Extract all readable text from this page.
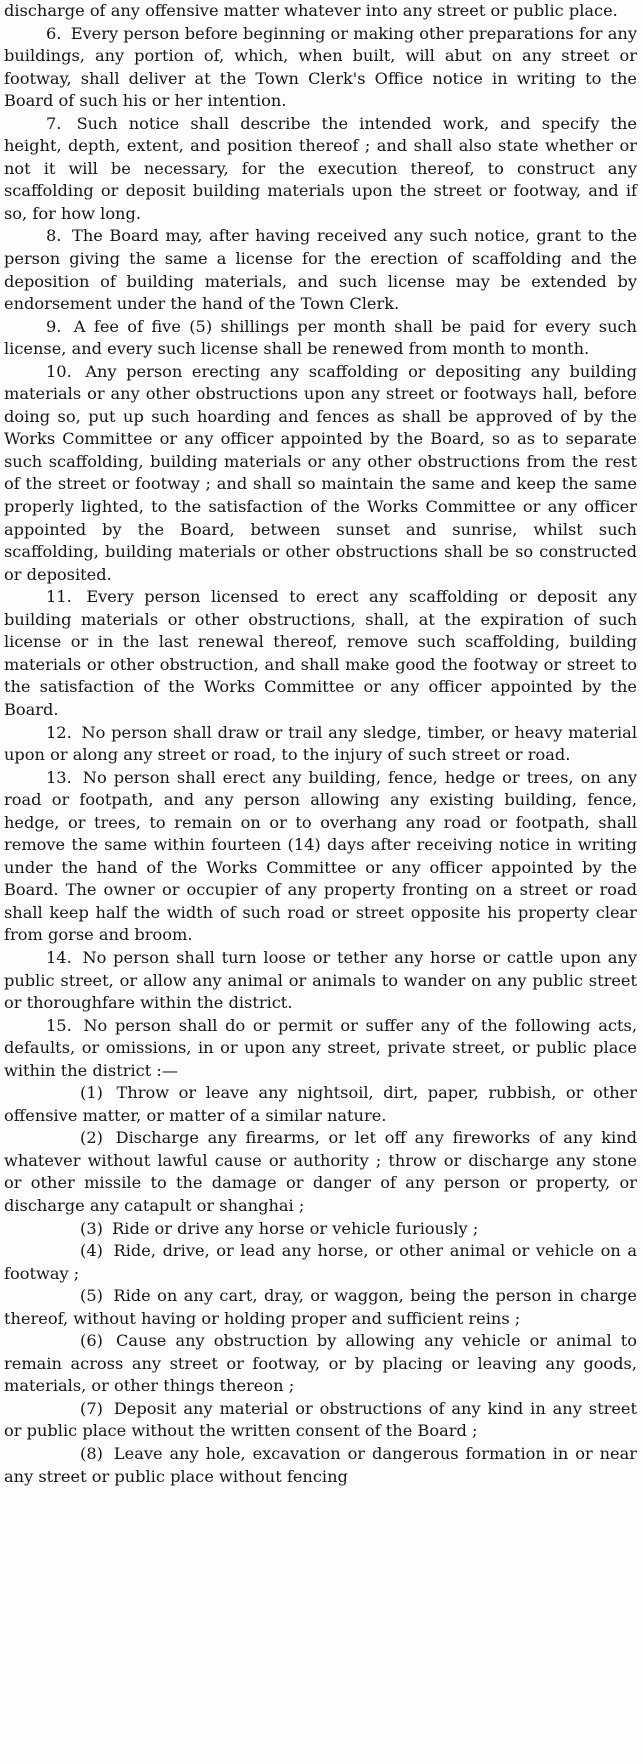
discharge of any offensive matter whatever into any street or public place.

6. Every person before beginning or making other preparations for any buildings, any portion of, which, when built, will abut on any street or footway, shall deliver at the Town Clerk's Office notice in writing to the Board of such his or her intention.

7. Such notice shall describe the intended work, and specify the height, depth, extent, and position thereof ; and shall also state whether or not it will be necessary, for the execution thereof, to construct any scaffolding or deposit building materials upon the street or footway, and if so, for how long.

8. The Board may, after having received any such notice, grant to the person giving the same a license for the erection of scaffolding and the deposition of building materials, and such license may be extended by endorsement under the hand of the Town Clerk.

9. A fee of five (5) shillings per month shall be paid for every such license, and every such license shall be renewed from month to month.

10. Any person erecting any scaffolding or depositing any building materials or any other obstructions upon any street or footways hall, before doing so, put up such hoarding and fences as shall be approved of by the Works Committee or any officer appointed by the Board, so as to separate such scaffolding, building materials or any other obstructions from the rest of the street or footway ; and shall so maintain the same and keep the same properly lighted, to the satisfaction of the Works Committee or any officer appointed by the Board, between sunset and sunrise, whilst such scaffolding, building materials or other obstructions shall be so constructed or deposited.

11. Every person licensed to erect any scaffolding or deposit any building materials or other obstructions, shall, at the expiration of such license or in the last renewal thereof, remove such scaffolding, building materials or other obstruction, and shall make good the footway or street to the satisfaction of the Works Committee or any officer appointed by the Board.

12. No person shall draw or trail any sledge, timber, or heavy material upon or along any street or road, to the injury of such street or road.

13. No person shall erect any building, fence, hedge or trees, on any road or footpath, and any person allowing any existing building, fence, hedge, or trees, to remain on or to overhang any road or footpath, shall remove the same within fourteen (14) days after receiving notice in writing under the hand of the Works Committee or any officer appointed by the Board. The owner or occupier of any property fronting on a street or road shall keep half the width of such road or street opposite his property clear from gorse and broom.

14. No person shall turn loose or tether any horse or cattle upon any public street, or allow any animal or animals to wander on any public street or thoroughfare within the district.

15. No person shall do or permit or suffer any of the following acts, defaults, or omissions, in or upon any street, private street, or public place within the district :—

(1) Throw or leave any nightsoil, dirt, paper, rubbish, or other offensive matter, or matter of a similar nature.

(2) Discharge any firearms, or let off any fireworks of any kind whatever without lawful cause or authority ; throw or discharge any stone or other missile to the damage or danger of any person or property, or discharge any catapult or shanghai ;

(3) Ride or drive any horse or vehicle furiously ;

(4) Ride, drive, or lead any horse, or other animal or vehicle on a footway ;

(5) Ride on any cart, dray, or waggon, being the person in charge thereof, without having or holding proper and sufficient reins ;

(6) Cause any obstruction by allowing any vehicle or animal to remain across any street or footway, or by placing or leaving any goods, materials, or other things thereon ;

(7) Deposit any material or obstructions of any kind in any street or public place without the written consent of the Board ;

(8) Leave any hole, excavation or dangerous formation in or near any street or public place without fencing
